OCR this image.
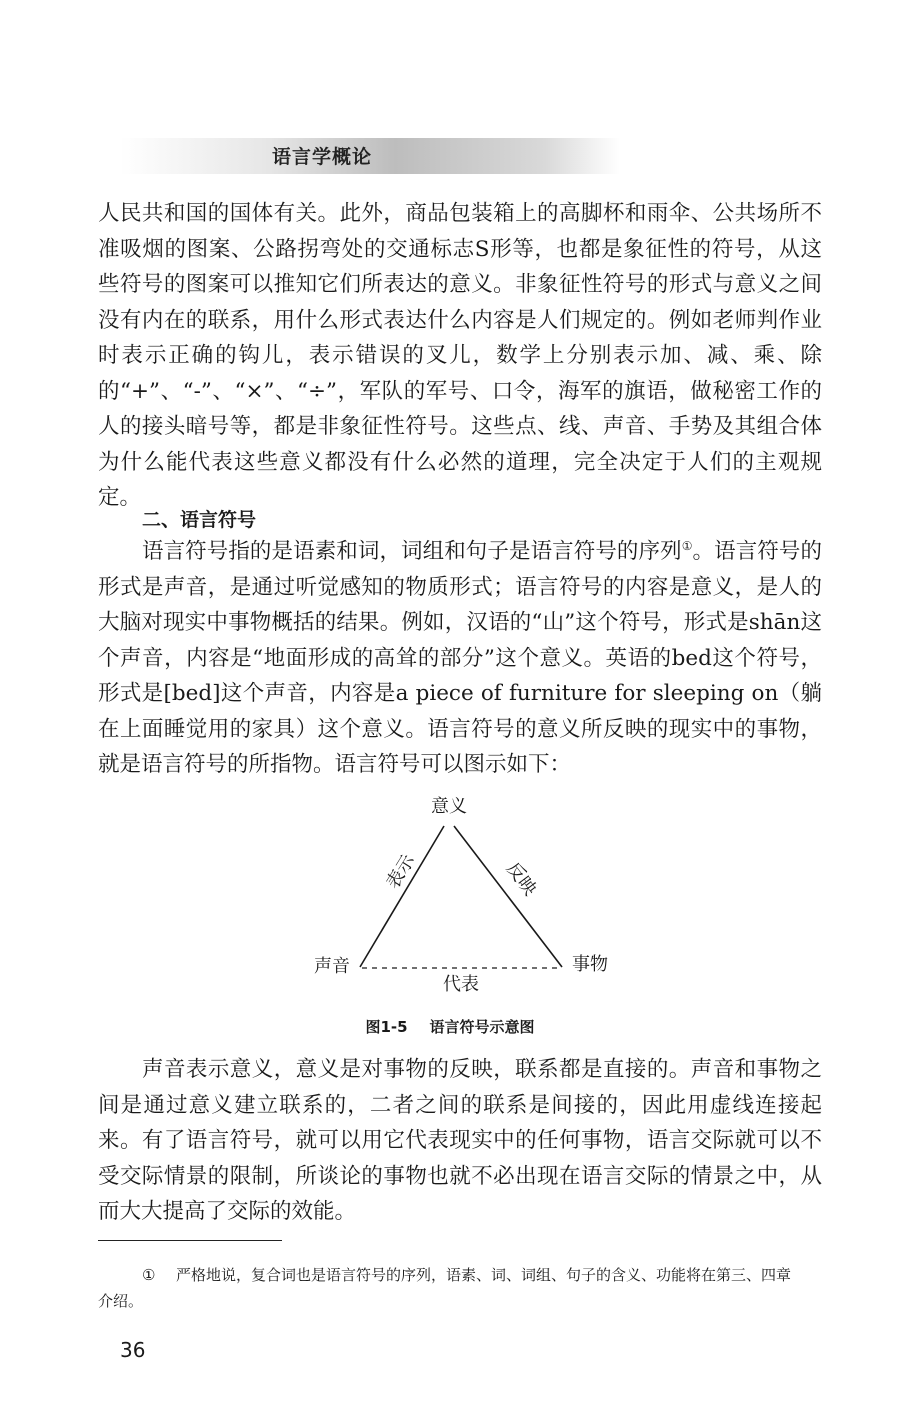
语言学概论

人民共和国的国体有关。此外，商品包装箱上的高脚杯和雨伞、公共场所不准吸烟的图案、公路拐弯处的交通标志S形等，也都是象征性的符号，从这些符号的图案可以推知它们所表达的意义。非象征性符号的形式与意义之间没有内在的联系，用什么形式表达什么内容是人们规定的。例如老师判作业时表示正确的钩儿，表示错误的叉儿，数学上分别表示加、减、乘、除的“+”、“-”、“×”、“÷”，军队的军号、口令，海军的旗语，做秘密工作的人的接头暗号等，都是非象征性符号。这些点、线、声音、手势及其组合体为什么能代表这些意义都没有什么必然的道理，完全决定于人们的主观规定。

二、语言符号

语言符号指的是语素和词，词组和句子是语言符号的序列①。语言符号的形式是声音，是通过听觉感知的物质形式；语言符号的内容是意义，是人的大脑对现实中事物概括的结果。例如，汉语的“山”这个符号，形式是shān这个声音，内容是“地面形成的高耸的部分”这个意义。英语的bed这个符号，形式是[bed]这个声音，内容是a piece of furniture for sleeping on（躺在上面睡觉用的家具）这个意义。语言符号的意义所反映的现实中的事物，就是语言符号的所指物。语言符号可以图示如下：

意义
表示	反映
声音	事物
代表

图1-5 语言符号示意图

声音表示意义，意义是对事物的反映，联系都是直接的。声音和事物之间是通过意义建立联系的，二者之间的联系是间接的，因此用虚线连接起来。有了语言符号，就可以用它代表现实中的任何事物，语言交际就可以不受交际情景的限制，所谈论的事物也就不必出现在语言交际的情景之中，从而大大提高了交际的效能。

① 严格地说，复合词也是语言符号的序列，语素、词、词组、句子的含义、功能将在第三、四章
介绍。

36
